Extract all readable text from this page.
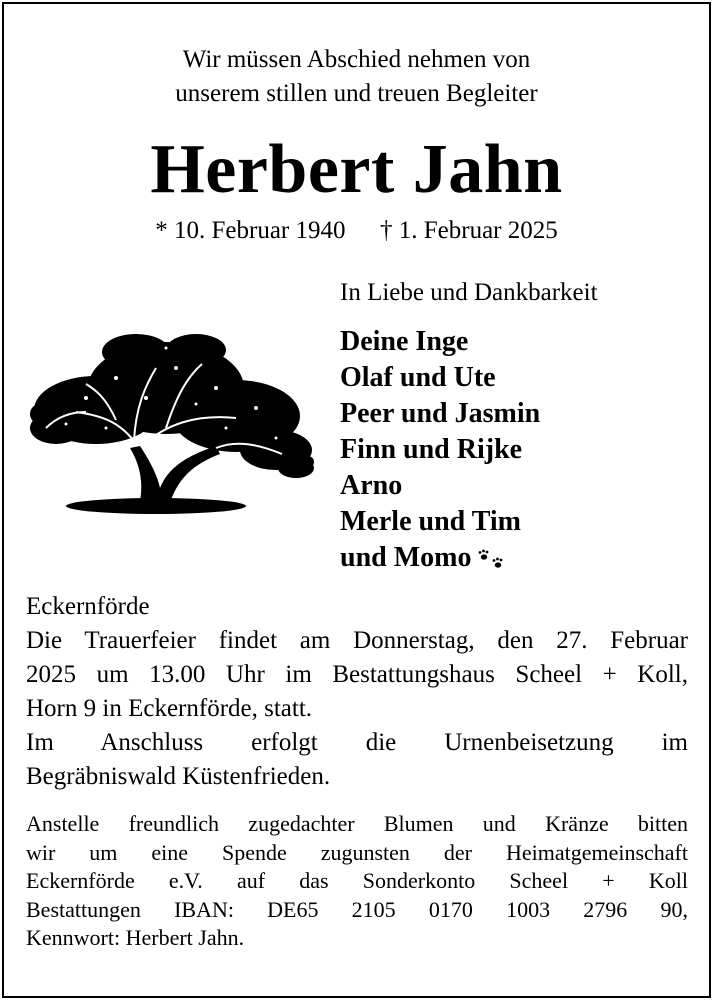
Wir müssen Abschied nehmen von
unserem stillen und treuen Begleiter
Herbert Jahn
* 10. Februar 1940 † 1. Februar 2025
In Liebe und Dankbarkeit
Deine Inge
Olaf und Ute
Peer und Jasmin
Finn und Rijke
Arno
Merle und Tim
und Momo
Eckernförde
Die Trauerfeier findet am Donnerstag, den 27. Februar
2025 um 13.00 Uhr im Bestattungshaus Scheel + Koll,
Horn 9 in Eckernförde, statt.
Im Anschluss erfolgt die Urnenbeisetzung im
Begräbniswald Küstenfrieden.
Anstelle freundlich zugedachter Blumen und Kränze bitten
wir um eine Spende zugunsten der Heimatgemeinschaft
Eckernförde e.V. auf das Sonderkonto Scheel + Koll
Bestattungen IBAN: DE65 2105 0170 1003 2796 90,
Kennwort: Herbert Jahn.
